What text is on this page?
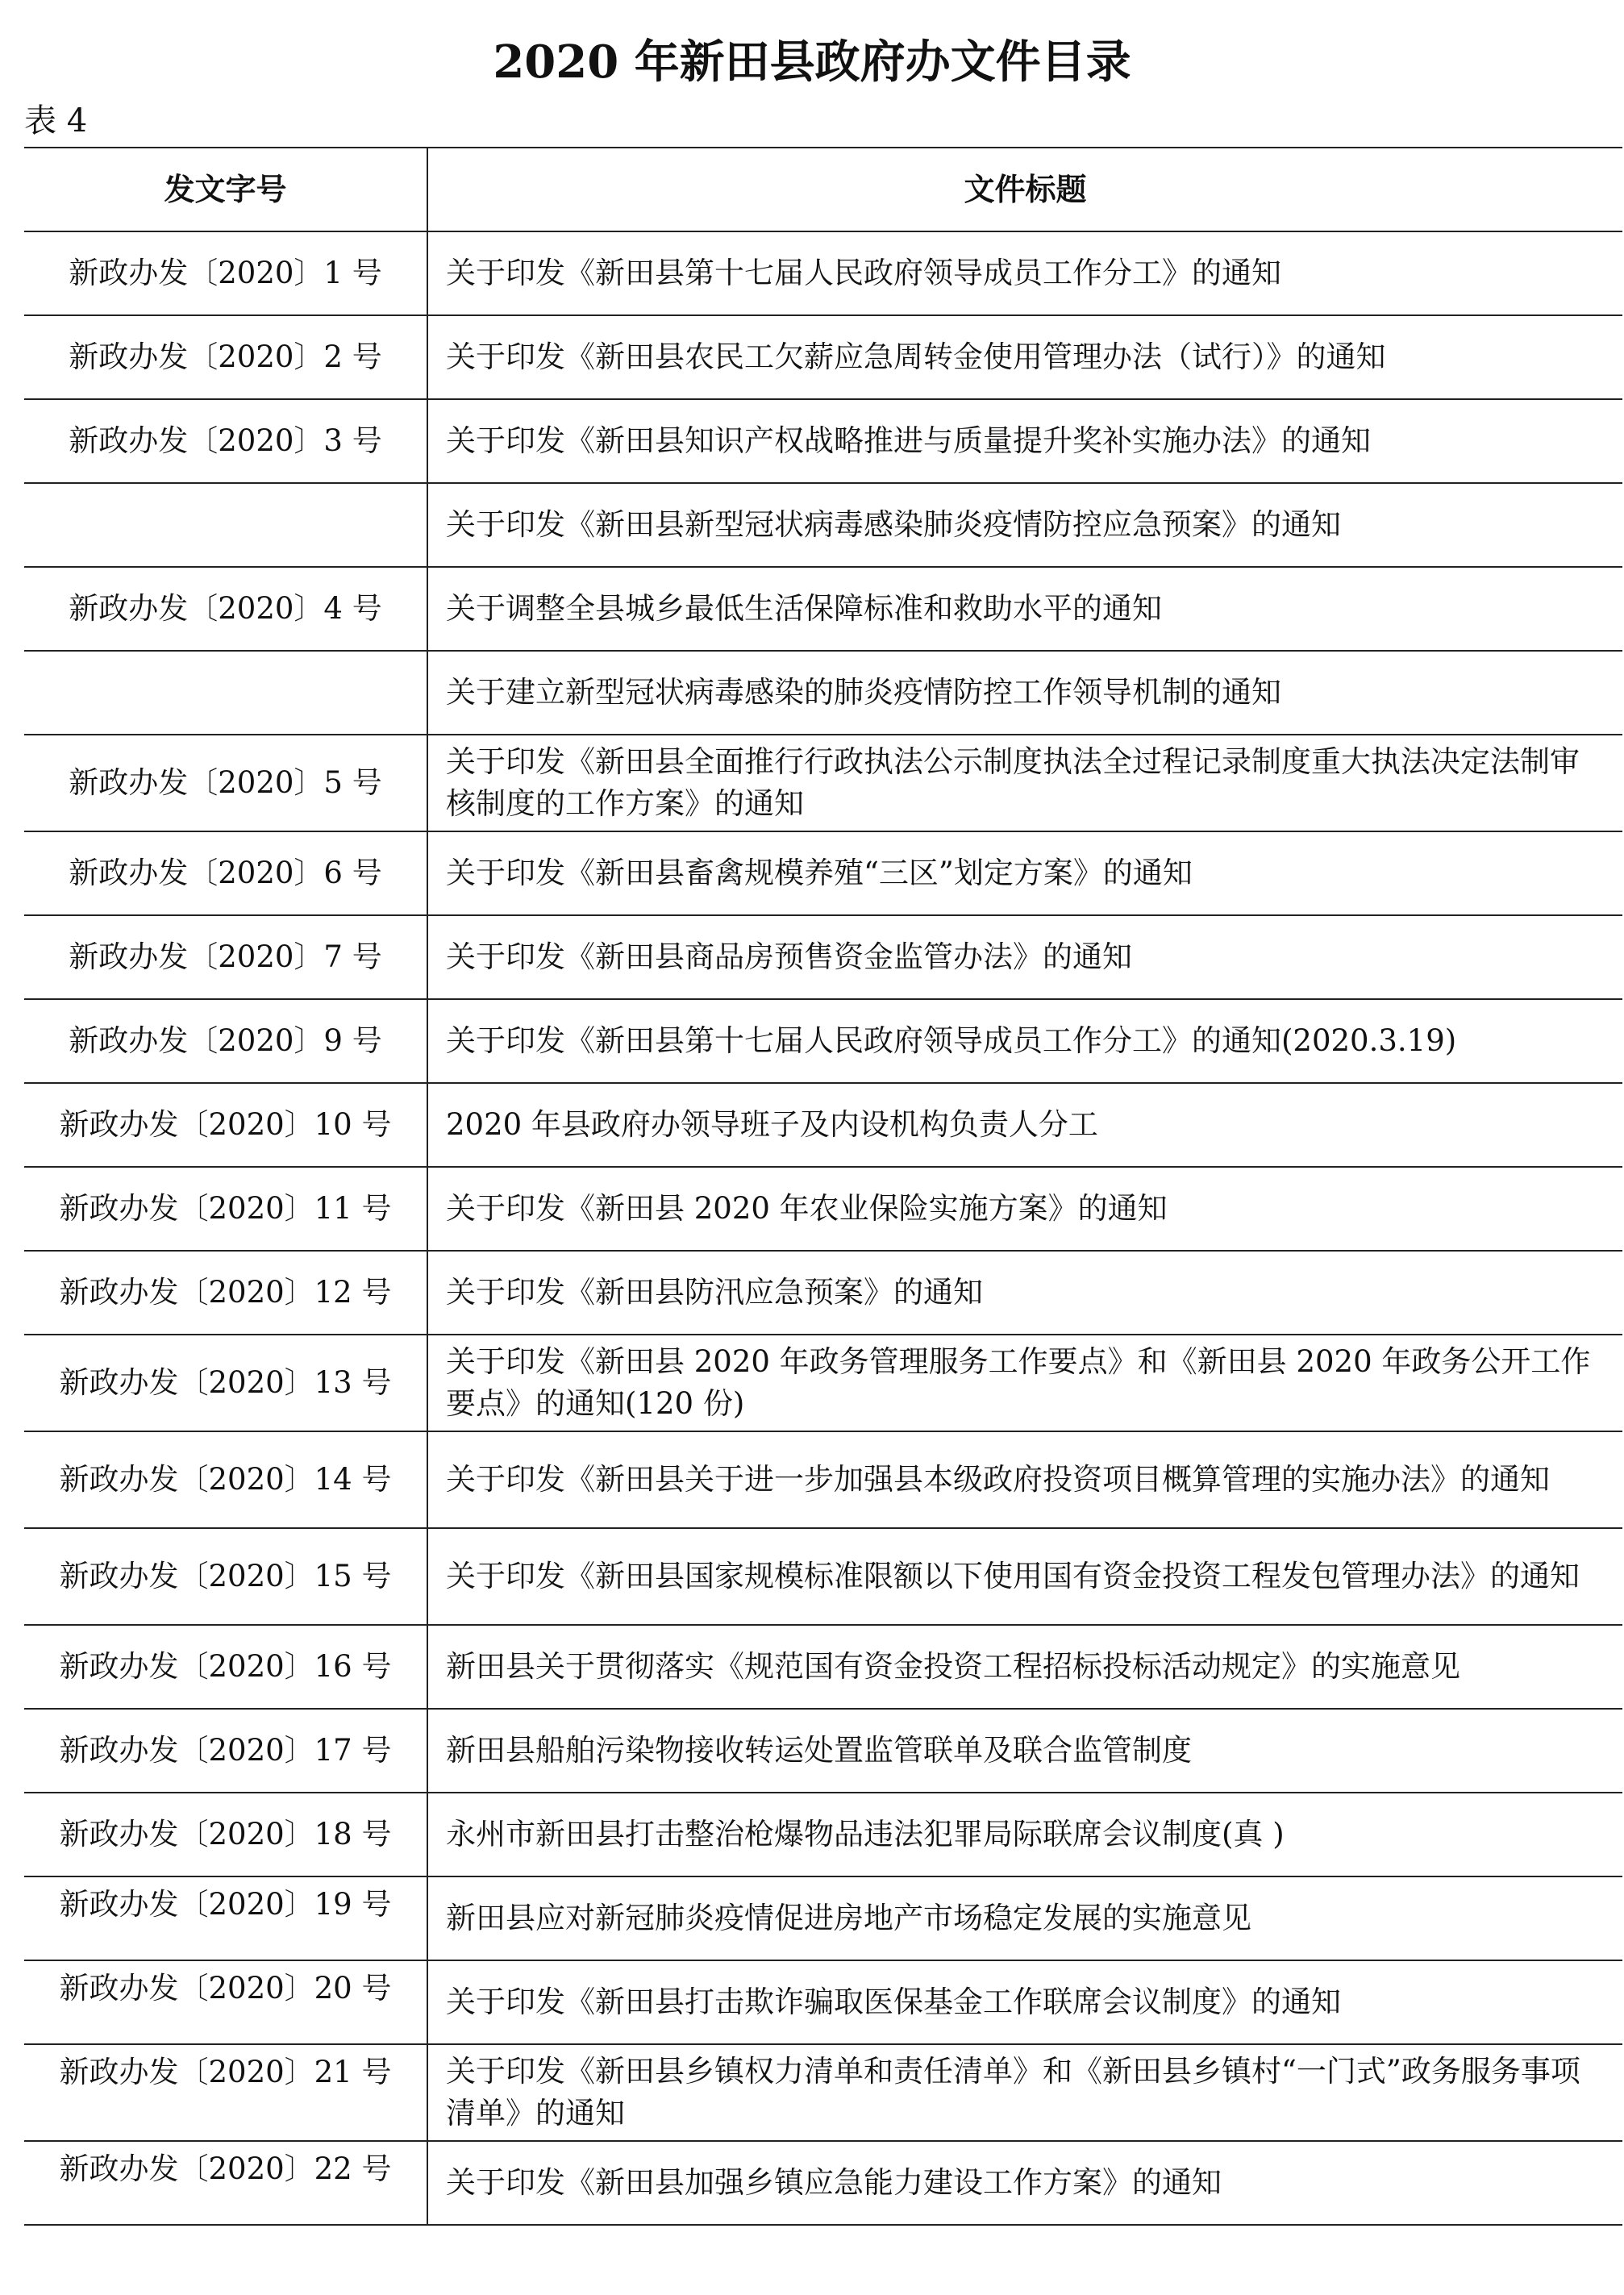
2020 年新田县政府办文件目录
表 4
发文字号	文件标题
新政办发〔2020〕1 号	关于印发《新田县第十七届人民政府领导成员工作分工》的通知
新政办发〔2020〕2 号	关于印发《新田县农民工欠薪应急周转金使用管理办法（试行）》的通知
新政办发〔2020〕3 号	关于印发《新田县知识产权战略推进与质量提升奖补实施办法》的通知
	关于印发《新田县新型冠状病毒感染肺炎疫情防控应急预案》的通知
新政办发〔2020〕4 号	关于调整全县城乡最低生活保障标准和救助水平的通知
	关于建立新型冠状病毒感染的肺炎疫情防控工作领导机制的通知
新政办发〔2020〕5 号	关于印发《新田县全面推行行政执法公示制度执法全过程记录制度重大执法决定法制审核制度的工作方案》的通知
新政办发〔2020〕6 号	关于印发《新田县畜禽规模养殖“三区”划定方案》的通知
新政办发〔2020〕7 号	关于印发《新田县商品房预售资金监管办法》的通知
新政办发〔2020〕9 号	关于印发《新田县第十七届人民政府领导成员工作分工》的通知(2020.3.19)
新政办发〔2020〕10 号	2020 年县政府办领导班子及内设机构负责人分工
新政办发〔2020〕11 号	关于印发《新田县 2020 年农业保险实施方案》的通知
新政办发〔2020〕12 号	关于印发《新田县防汛应急预案》的通知
新政办发〔2020〕13 号	关于印发《新田县 2020 年政务管理服务工作要点》和《新田县 2020 年政务公开工作要点》的通知(120 份)
新政办发〔2020〕14 号	关于印发《新田县关于进一步加强县本级政府投资项目概算管理的实施办法》的通知
新政办发〔2020〕15 号	关于印发《新田县国家规模标准限额以下使用国有资金投资工程发包管理办法》的通知
新政办发〔2020〕16 号	新田县关于贯彻落实《规范国有资金投资工程招标投标活动规定》的实施意见
新政办发〔2020〕17 号	新田县船舶污染物接收转运处置监管联单及联合监管制度
新政办发〔2020〕18 号	永州市新田县打击整治枪爆物品违法犯罪局际联席会议制度(真 )
新政办发〔2020〕19 号	新田县应对新冠肺炎疫情促进房地产市场稳定发展的实施意见
新政办发〔2020〕20 号	关于印发《新田县打击欺诈骗取医保基金工作联席会议制度》的通知
新政办发〔2020〕21 号	关于印发《新田县乡镇权力清单和责任清单》和《新田县乡镇村“一门式”政务服务事项清单》的通知
新政办发〔2020〕22 号	关于印发《新田县加强乡镇应急能力建设工作方案》的通知
